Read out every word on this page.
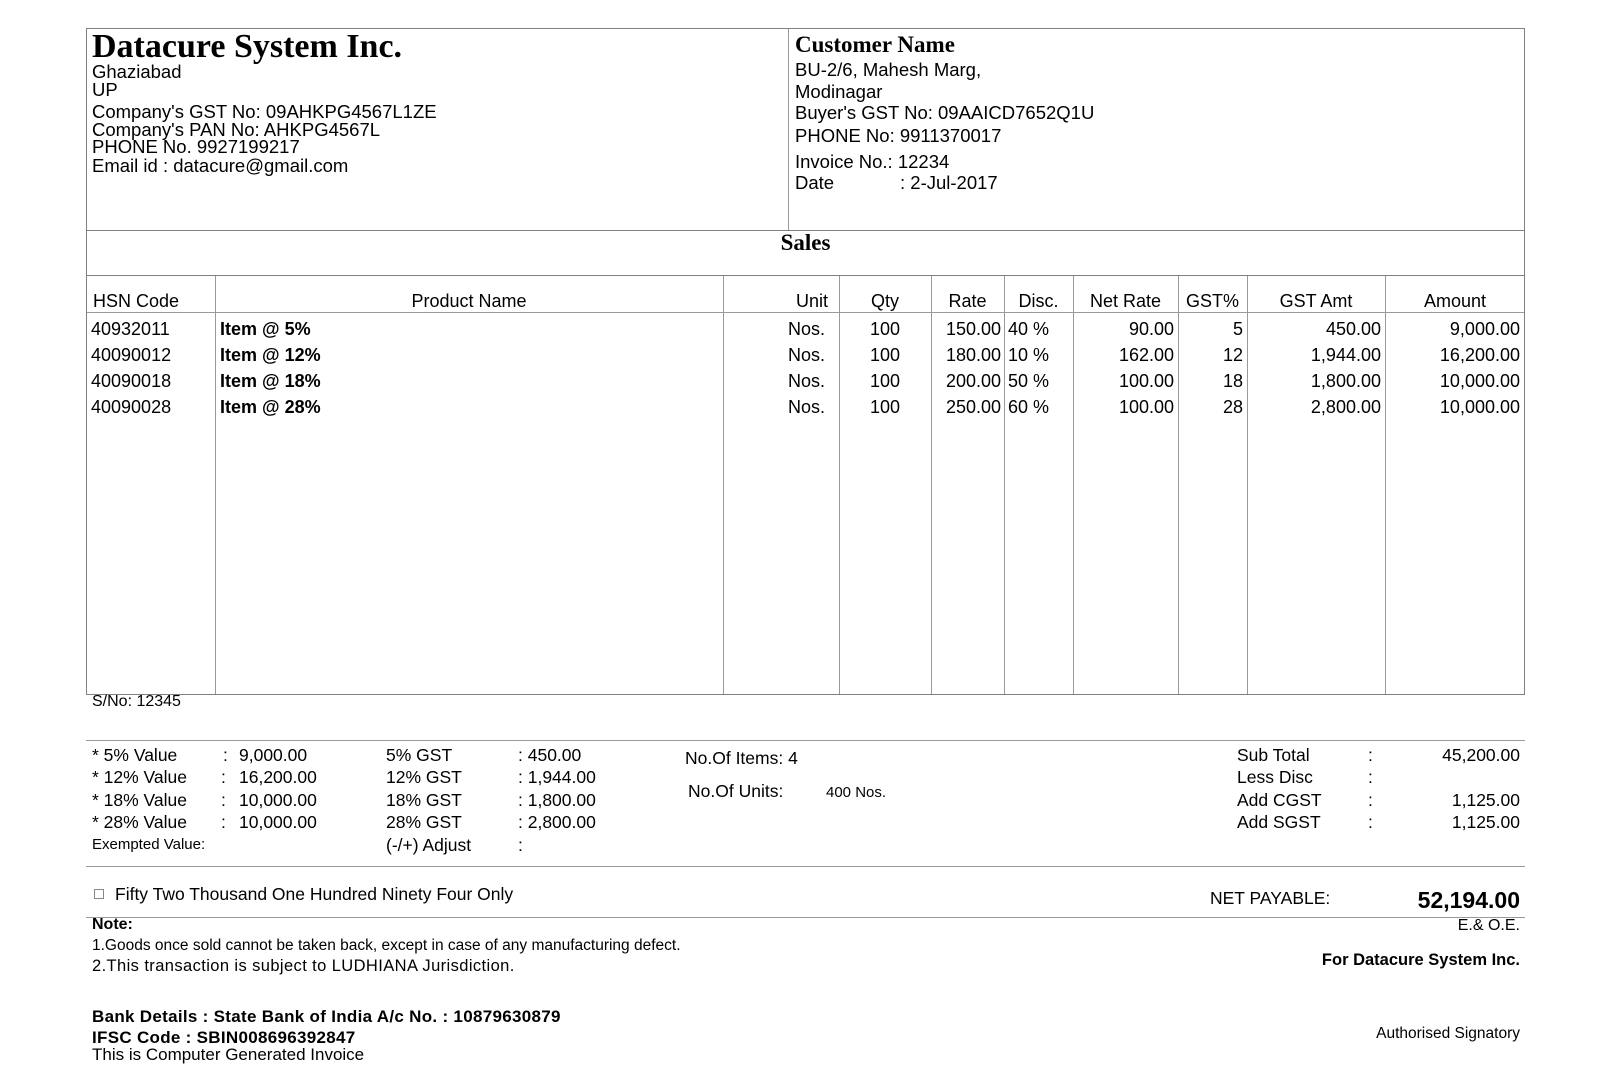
Datacure System Inc.
Ghaziabad
UP
Company's GST No: 09AHKPG4567L1ZE
Company's PAN No: AHKPG4567L
PHONE No. 9927199217
Email id : datacure@gmail.com
Customer Name
BU-2/6, Mahesh Marg,
Modinagar
Buyer's GST No: 09AAICD7652Q1U
PHONE No: 9911370017
Invoice No.: 12234
Date	: 2-Jul-2017
Sales
HSN Code	Product Name	Unit	Qty	Rate	Disc.	Net Rate	GST%	GST Amt	Amount
40932011	Item @ 5%	Nos.	100	150.00 40 %	90.00	5	450.00	9,000.00
40090012	Item @ 12%	Nos.	100	180.00 10 %	162.00	12	1,944.00	16,200.00
40090018	Item @ 18%	Nos.	100	200.00 50 %	100.00	18	1,800.00	10,000.00
40090028	Item @ 28%	Nos.	100	250.00 60 %	100.00	28	2,800.00	10,000.00
S/No: 12345
* 5% Value	: 9,000.00
* 12% Value : 16,200.00
* 18% Value : 10,000.00
* 28% Value : 10,000.00
Exempted Value:
5% GST	: 450.00
12% GST	: 1,944.00
18% GST	: 1,800.00
28% GST	: 2,800.00
(-/+) Adjust	:
No.Of Items: 4
No.Of Units:	400 Nos.
Sub Total	:	45,200.00
Less Disc	:
Add CGST	:	1,125.00
Add SGST	:	1,125.00
Fifty Two Thousand One Hundred Ninety Four Only	NET PAYABLE:	52,194.00
E.& O.E.
Note:
1.Goods once sold cannot be taken back, except in case of any manufacturing defect.
2.This transaction is subject to LUDHIANA Jurisdiction.	For Datacure System Inc.
Bank Details : State Bank of India A/c No. : 10879630879
IFSC Code : SBIN008696392847
This is Computer Generated Invoice
Authorised Signatory
